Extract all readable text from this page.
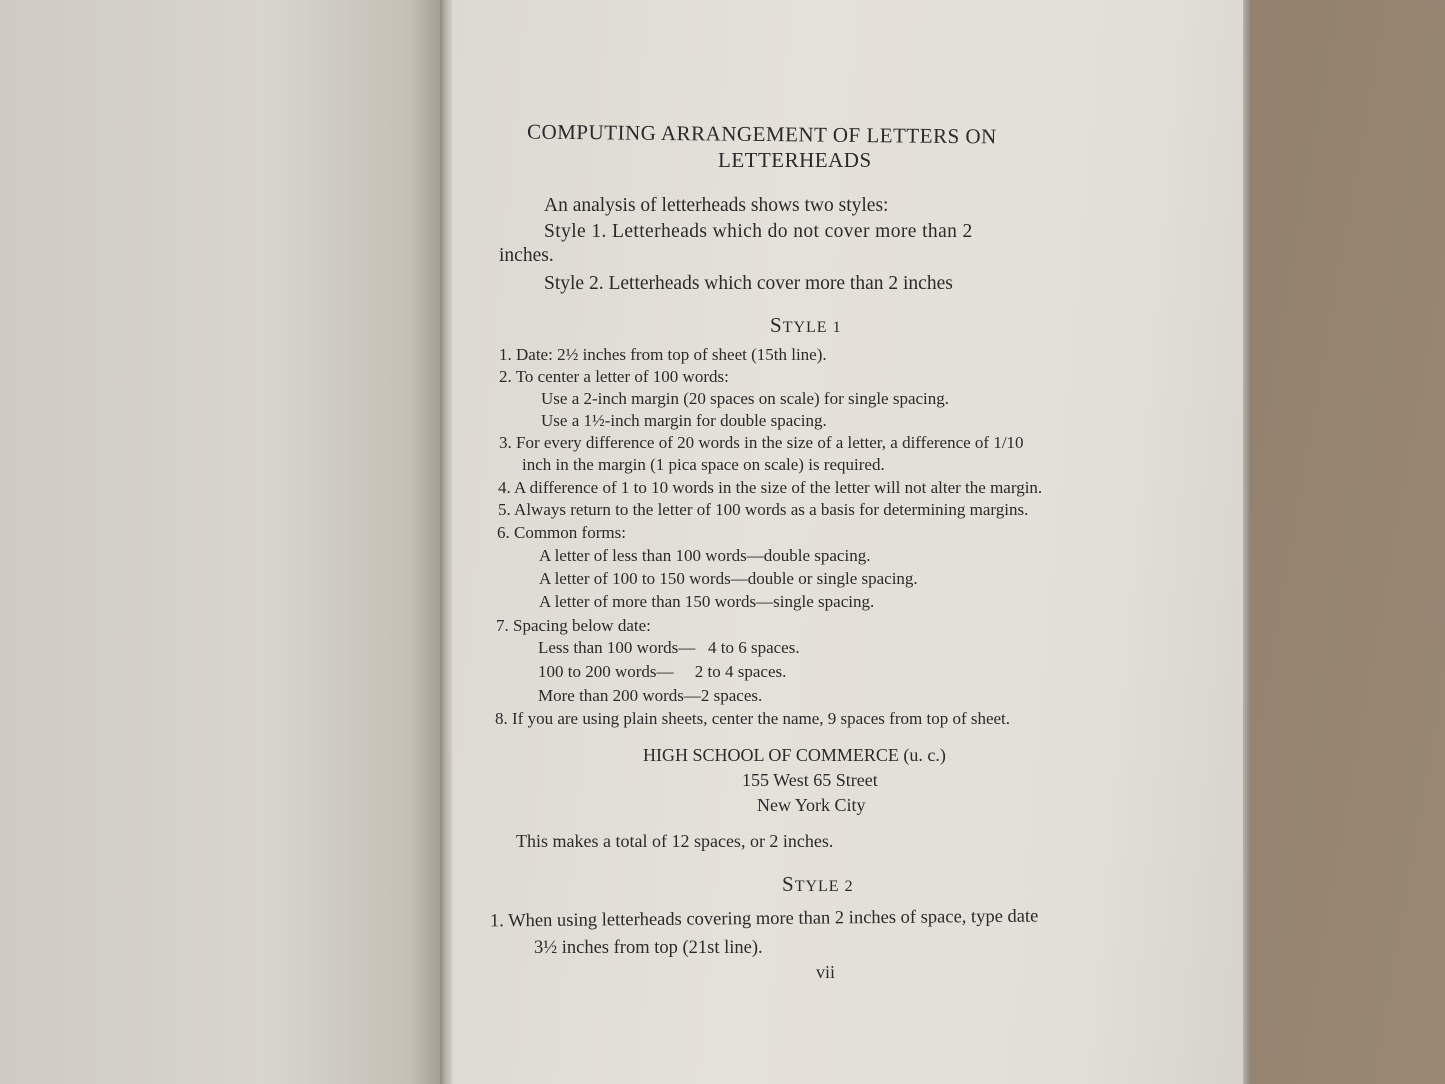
COMPUTING ARRANGEMENT OF LETTERS ON
LETTERHEADS
An analysis of letterheads shows two styles:
Style 1. Letterheads which do not cover more than 2
inches.
Style 2. Letterheads which cover more than 2 inches
STYLE 1
1. Date: 2½ inches from top of sheet (15th line).
2. To center a letter of 100 words:
Use a 2-inch margin (20 spaces on scale) for single spacing.
Use a 1½-inch margin for double spacing.
3. For every difference of 20 words in the size of a letter, a difference of 1/10
inch in the margin (1 pica space on scale) is required.
4. A difference of 1 to 10 words in the size of the letter will not alter the margin.
5. Always return to the letter of 100 words as a basis for determining margins.
6. Common forms:
A letter of less than 100 words—double spacing.
A letter of 100 to 150 words—double or single spacing.
A letter of more than 150 words—single spacing.
7. Spacing below date:
Less than 100 words—   4 to 6 spaces.
100 to 200 words—     2 to 4 spaces.
More than 200 words—2 spaces.
8. If you are using plain sheets, center the name, 9 spaces from top of sheet.
HIGH SCHOOL OF COMMERCE (u. c.)
155 West 65 Street
New York City
This makes a total of 12 spaces, or 2 inches.
STYLE 2
1. When using letterheads covering more than 2 inches of space, type date
3½ inches from top (21st line).
vii
